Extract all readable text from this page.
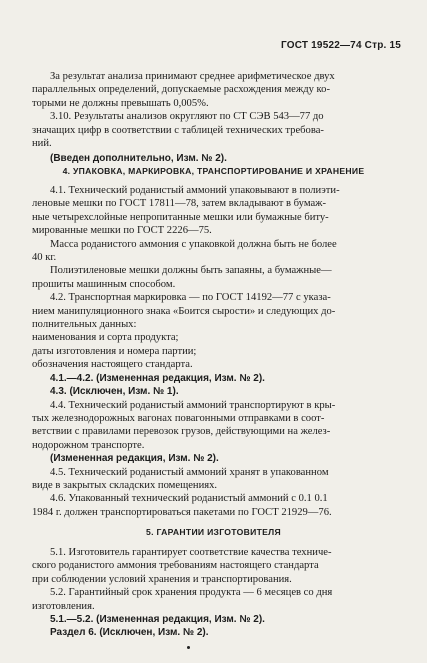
ГОСТ 19522—74 Стр. 15
За результат анализа принимают среднее арифметическое двух
параллельных определений, допускаемые расхождения между ко-
торыми не должны превышать 0,005%.
3.10. Результаты анализов округляют по СТ СЭВ 543—77 до
значащих цифр в соответствии с таблицей технических требова-
ний.
(Введен дополнительно, Изм. № 2).
4. УПАКОВКА, МАРКИРОВКА, ТРАНСПОРТИРОВАНИЕ И ХРАНЕНИЕ
4.1. Технический роданистый аммоний упаковывают в полиэти-
леновые мешки по ГОСТ 17811—78, затем вкладывают в бумаж-
ные четырехслойные непропитанные мешки или бумажные биту-
мированные мешки по ГОСТ 2226—75.
Масса роданистого аммония с упаковкой должна быть не более
40 кг.
Полиэтиленовые мешки должны быть запаяны, а бумажные—
прошиты машинным способом.
4.2. Транспортная маркировка — по ГОСТ 14192—77 с указа-
нием манипуляционного знака «Боится сырости» и следующих до-
полнительных данных:
наименования и сорта продукта;
даты изготовления и номера партии;
обозначения настоящего стандарта.
4.1.—4.2. (Измененная редакция, Изм. № 2).
4.3. (Исключен, Изм. № 1).
4.4. Технический роданистый аммоний транспортируют в кры-
тых железнодорожных вагонах повагонными отправками в соот-
ветствии с правилами перевозок грузов, действующими на желез-
нодорожном транспорте.
(Измененная редакция, Изм. № 2).
4.5. Технический роданистый аммоний хранят в упакованном
виде в закрытых складских помещениях.
4.6. Упакованный технический роданистый аммоний с 0.1 0.1
1984 г. должен транспортироваться пакетами по ГОСТ 21929—76.
5. ГАРАНТИИ ИЗГОТОВИТЕЛЯ
5.1. Изготовитель гарантирует соответствие качества техниче-
ского роданистого аммония требованиям настоящего стандарта
при соблюдении условий хранения и транспортирования.
5.2. Гарантийный срок хранения продукта — 6 месяцев со дня
изготовления.
5.1.—5.2. (Измененная редакция, Изм. № 2).
Раздел 6. (Исключен, Изм. № 2).
